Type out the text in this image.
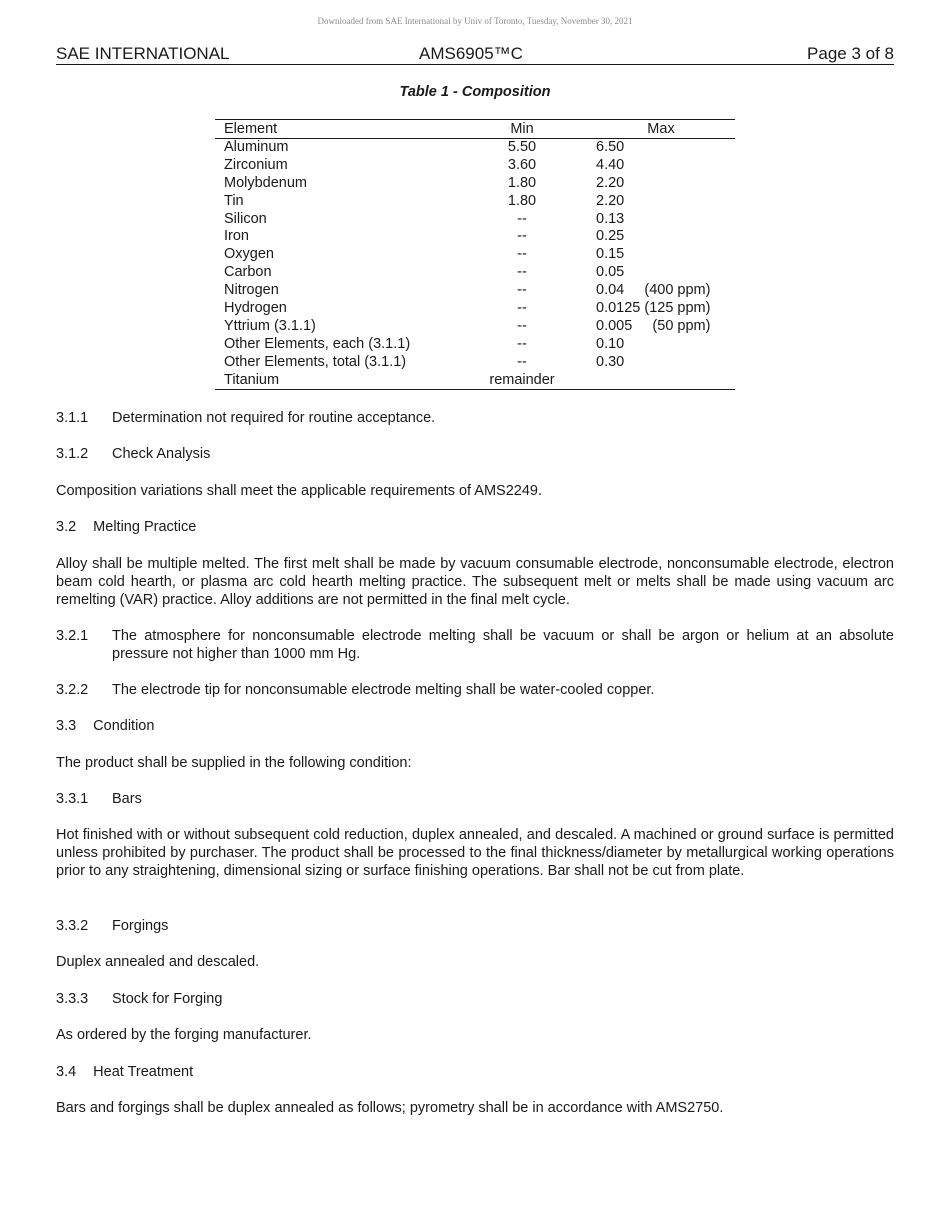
Downloaded from SAE International by Univ of Toronto, Tuesday, November 30, 2021
SAE INTERNATIONAL	AMS6905™C	Page 3 of 8
Table 1 - Composition
Element	Min	Max
Aluminum	5.50	6.50
Zirconium	3.60	4.40
Molybdenum	1.80	2.20
Tin	1.80	2.20
Silicon	--	0.13
Iron	--	0.25
Oxygen	--	0.15
Carbon	--	0.05
Nitrogen	--	0.04     (400 ppm)
Hydrogen	--	0.0125 (125 ppm)
Yttrium (3.1.1)	--	0.005     (50 ppm)
Other Elements, each (3.1.1)	--	0.10
Other Elements, total (3.1.1)	--	0.30
Titanium	remainder
3.1.1 Determination not required for routine acceptance.

3.1.2 Check Analysis

Composition variations shall meet the applicable requirements of AMS2249.

3.2 Melting Practice

Alloy shall be multiple melted. The first melt shall be made by vacuum consumable electrode, nonconsumable electrode, electron beam cold hearth, or plasma arc cold hearth melting practice. The subsequent melt or melts shall be made using vacuum arc remelting (VAR) practice. Alloy additions are not permitted in the final melt cycle.

3.2.1 The atmosphere for nonconsumable electrode melting shall be vacuum or shall be argon or helium at an absolute pressure not higher than 1000 mm Hg.

3.2.2 The electrode tip for nonconsumable electrode melting shall be water-cooled copper.

3.3 Condition

The product shall be supplied in the following condition:

3.3.1 Bars

Hot finished with or without subsequent cold reduction, duplex annealed, and descaled. A machined or ground surface is permitted unless prohibited by purchaser. The product shall be processed to the final thickness/diameter by metallurgical working operations prior to any straightening, dimensional sizing or surface finishing operations. Bar shall not be cut from plate.

3.3.2 Forgings

Duplex annealed and descaled.

3.3.3 Stock for Forging

As ordered by the forging manufacturer.

3.4 Heat Treatment

Bars and forgings shall be duplex annealed as follows; pyrometry shall be in accordance with AMS2750.
